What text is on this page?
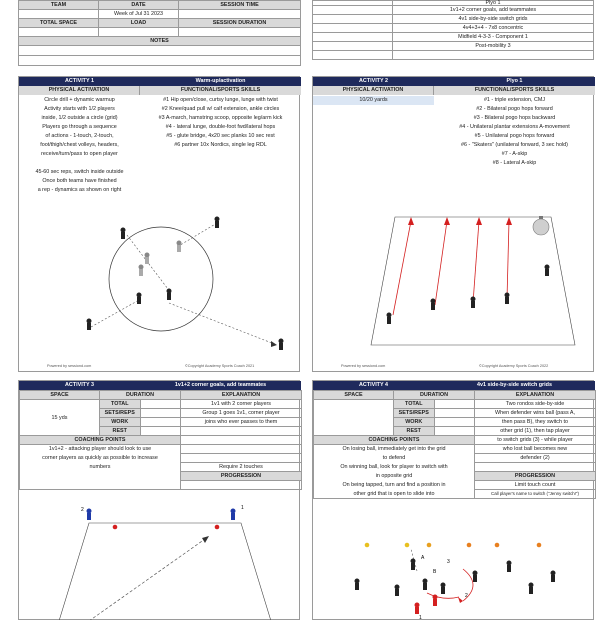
TEAM	DATE	SESSION TIME
	Week of Jul 31 2023	
TOTAL SPACE	LOAD	SESSION DURATION

NOTES		

	Plyo 1
	1v1+2 corner goals, add teammates
	4v1 side-by-side switch grids
	4v4+3+4 - 7x8 concentric
	Midfield 4-3-3 - Component 1
	Post-mobility 3

ACTIVITY 1	Warm-up/activation
PHYSICAL ACTIVATION	FUNCTIONAL/SPORTS SKILLS
Circle drill + dynamic warmup
Activity starts with 1/2 players
inside, 1/2 outside a circle (grid)
Players go through a sequence
of actions - 1-touch, 2-touch,
foot/thigh/chest volleys, headers,
receive/turn/pass to open player
45-60 sec reps, switch inside outside
Once both teams have finished
a rep - dynamics as shown on right
#1 Hip open/close, curtsy lunge, lunge with twist
#2 Knee/quad pull w/ calf extension, ankle circles
#3 A-march, hamstring scoop, opposite leg/arm kick
#4 - lateral lunge, double-foot fwd/lateral hops
#5 - glute bridge, 4x20 sec planks 10 sec rest
#6 partner 10x Nordics, single leg RDL
Powered by sessiond.com	©Copyright Academy Sports Coach 2021
ACTIVITY 2	Plyo 1
PHYSICAL ACTIVATION	FUNCTIONAL/SPORTS SKILLS
10/20 yards	#1 - triple extension, CMJ
#2 - Bilateral pogo hops forward
#3 - Bilateral pogo hops backward
#4 - Unilateral plantar extensions A-movement
#5 - Unilateral pogo hops forward
#6 - "Skaters" (unilateral forward, 3 sec hold)
#7 - A-skip
#8 - Lateral A-skip
Powered by sessiond.com	©Copyright Academy Sports Coach 2022
ACTIVITY 3	1v1+2 corner goals, add teammates
SPACE	DURATION		EXPLANATION
15 yds	TOTAL		1v1 with 2 corner players
	SETS/REPS		Group 1 goes 1v1, corner player
	WORK		joins who ever passes to them
	REST		
COACHING POINTS			
1v1+2 - attacking player should look to use			
corner players as quickly as possible to increase			
numbers			Require 2 touches
			PROGRESSION

2	1
ACTIVITY 4	4v1 side-by-side switch grids
SPACE	DURATION		EXPLANATION
	TOTAL		Two rondos side-by-side
	SETS/REPS		When defender wins ball (pass A,
	WORK		then pass B), they switch to
	REST		other grid (1), then tap player
COACHING POINTS			to switch grids (3) - while player
On losing ball, immediately get into the grid			who lost ball becomes new
to defend			defender (2)
On winning ball, look for player to switch with			
in opposite grid			PROGRESSION
On being tapped, turn and find a position in			Limit touch count
other grid that is open to slide into			Call player's name to switch ("Jenny switch!")
A
B
3
2
1
